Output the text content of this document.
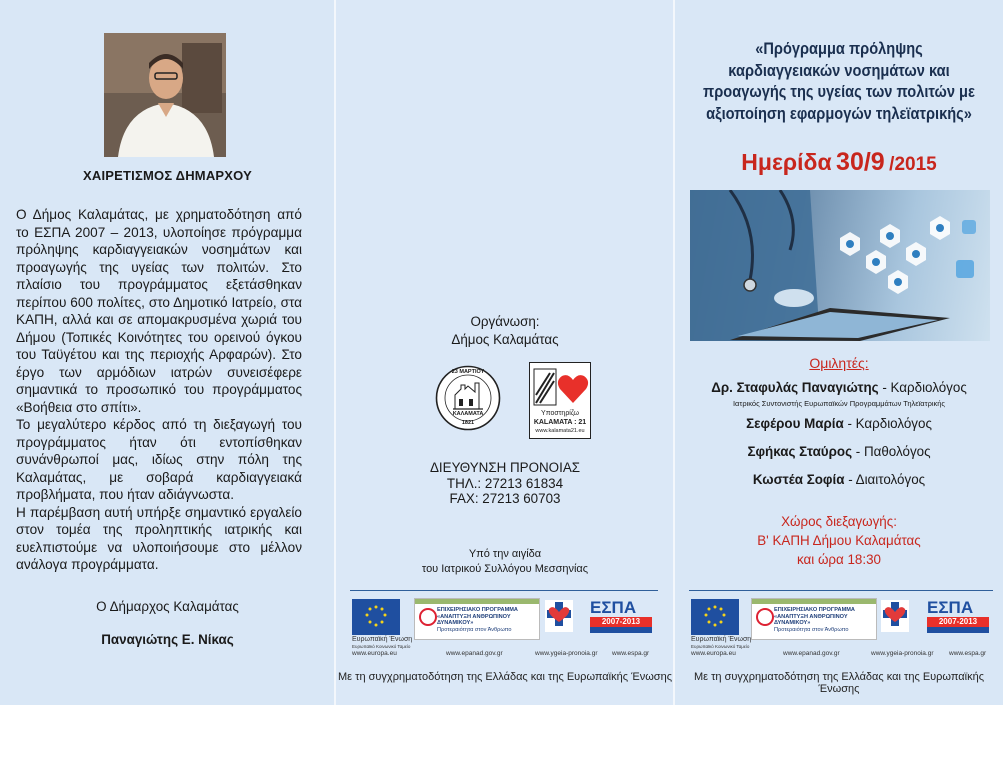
ΧΑΙΡΕΤΙΣΜΟΣ ΔΗΜΑΡΧΟΥ

Ο Δήμος Καλαμάτας, με χρηματοδότηση από το ΕΣΠΑ 2007 – 2013, υλοποίησε πρόγραμμα πρόληψης καρδιαγγειακών νοσημάτων και προαγωγής της υγείας των πολιτών. Στο πλαίσιο του προγράμματος εξετάσθηκαν περίπου 600 πολίτες, στο Δημοτικό Ιατρείο, στα ΚΑΠΗ, αλλά και σε απομακρυσμένα χωριά του Δήμου (Τοπικές Κοινότητες του ορεινού όγκου του Ταϋγέτου και της περιοχής Αρφαρών). Στο έργο των αρμόδιων ιατρών συνεισέφερε σημαντικά το προσωπικό του προγράμματος «Βοήθεια στο σπίτι».

Το μεγαλύτερο κέρδος από τη διεξαγωγή του προγράμματος ήταν ότι εντοπίσθηκαν συνάνθρωποί μας, ιδίως στην πόλη της Καλαμάτας, με σοβαρά καρδιαγγειακά προβλήματα, που ήταν αδιάγνωστα.

Η παρέμβαση αυτή υπήρξε σημαντικό εργαλείο στον τομέα της προληπτικής ιατρικής και ευελπιστούμε να υλοποιήσουμε στο μέλλον ανάλογα προγράμματα.

Ο Δήμαρχος Καλαμάτας
Παναγιώτης Ε. Νίκας
Οργάνωση:
Δήμος Καλαμάτας
23 ΜΑΡΤΙΟΥ
ΚΑΛΑΜΑΤΑ
1821
Υποστηρίζω
KALAMATA : 21
www.kalamata21.eu
ΔΙΕΥΘΥΝΣΗ ΠΡΟΝΟΙΑΣ
ΤΗΛ.: 27213 61834
FAX: 27213 60703
Υπό την αιγίδα
του Ιατρικού Συλλόγου Μεσσηνίας
Ευρωπαϊκή Ένωση
Ευρωπαϊκό Κοινωνικό Ταμείο
ΕΠΙΧΕΙΡΗΣΙΑΚΟ ΠΡΟΓΡΑΜΜΑ
«ΑΝΑΠΤΥΞΗ ΑΝΘΡΩΠΙΝΟΥ ΔΥΝΑΜΙΚΟΥ»
Προτεραιότητα στον Άνθρωπο
ΕΣΠΑ
2007-2013
www.europa.eu	www.epanad.gov.gr	www.ygeia-pronoia.gr www.espa.gr
Με τη συγχρηματοδότηση της Ελλάδας και της Ευρωπαϊκής Ένωσης
Ευρωπαϊκή Ένωση
Ευρωπαϊκό Κοινωνικό Ταμείο
ΕΠΙΧΕΙΡΗΣΙΑΚΟ ΠΡΟΓΡΑΜΜΑ
«ΑΝΑΠΤΥΞΗ ΑΝΘΡΩΠΙΝΟΥ ΔΥΝΑΜΙΚΟΥ»
Προτεραιότητα στον Άνθρωπο
ΕΣΠΑ
2007-2013
www.europa.eu	www.epanad.gov.gr	www.ygeia-pronoia.gr www.espa.gr
Με τη συγχρηματοδότηση της Ελλάδας και της Ευρωπαϊκής Ένωσης
«Πρόγραμμα πρόληψης καρδιαγγειακών νοσημάτων και προαγωγής της υγείας των πολιτών με αξιοποίηση εφαρμογών τηλεϊατρικής»
Ημερίδα 30/9 /2015
Ομιλητές:
Δρ. Σταφυλάς Παναγιώτης - Καρδιολόγος
Ιατρικός Συντονιστής Ευρωπαϊκών Προγραμμάτων Τηλεϊατρικής
Σεφέρου Μαρία - Καρδιολόγος
Σφήκας Σταύρος - Παθολόγος
Κωστέα Σοφία - Διαιτολόγος
Χώρος διεξαγωγής:
Β' ΚΑΠΗ Δήμου Καλαμάτας
και ώρα 18:30
